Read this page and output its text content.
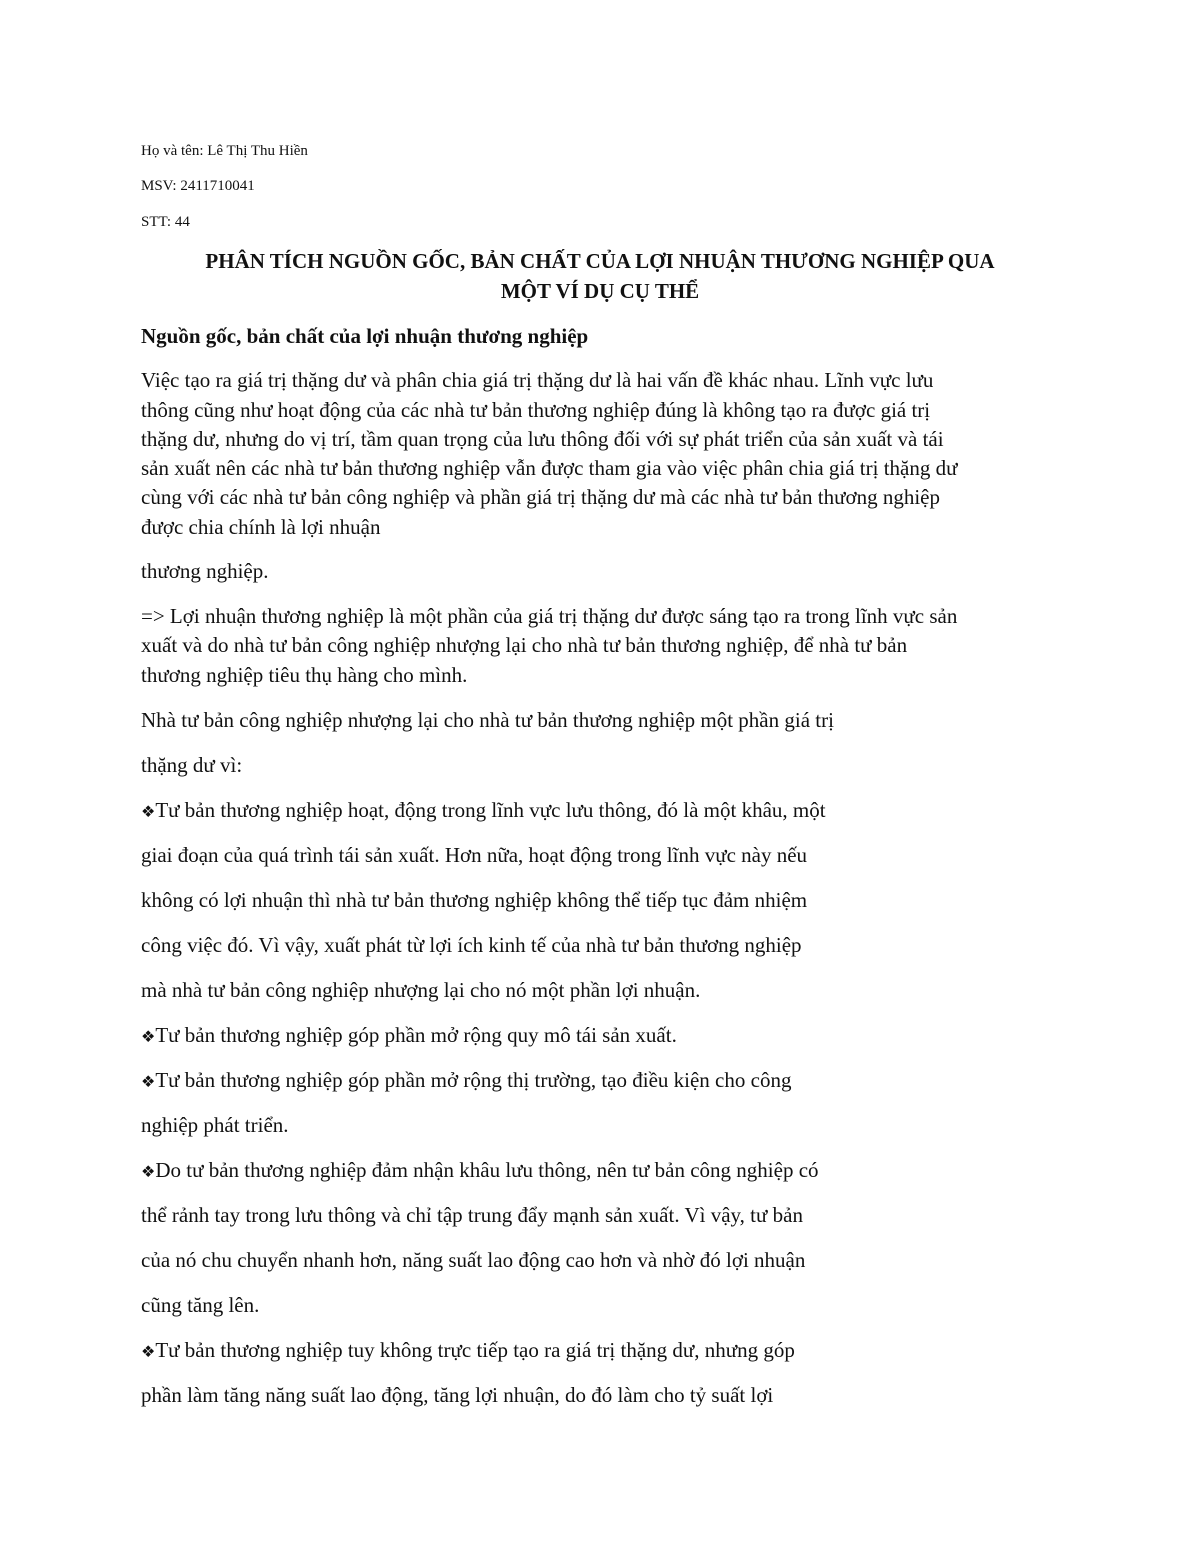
Họ và tên: Lê Thị Thu Hiền
MSV: 2411710041
STT: 44
PHÂN TÍCH NGUỒN GỐC, BẢN CHẤT CỦA LỢI NHUẬN THƯƠNG NGHIỆP QUA
MỘT VÍ DỤ CỤ THỂ
Nguồn gốc, bản chất của lợi nhuận thương nghiệp
Việc tạo ra giá trị thặng dư và phân chia giá trị thặng dư là hai vấn đề khác nhau. Lĩnh vực lưu
thông cũng như hoạt động của các nhà tư bản thương nghiệp đúng là không tạo ra được giá trị
thặng dư, nhưng do vị trí, tầm quan trọng của lưu thông đối với sự phát triển của sản xuất và tái
sản xuất nên các nhà tư bản thương nghiệp vẫn được tham gia vào việc phân chia giá trị thặng dư
cùng với các nhà tư bản công nghiệp và phần giá trị thặng dư mà các nhà tư bản thương nghiệp
được chia chính là lợi nhuận
thương nghiệp.
=> Lợi nhuận thương nghiệp là một phần của giá trị thặng dư được sáng tạo ra trong lĩnh vực sản
xuất và do nhà tư bản công nghiệp nhượng lại cho nhà tư bản thương nghiệp, để nhà tư bản
thương nghiệp tiêu thụ hàng cho mình.
Nhà tư bản công nghiệp nhượng lại cho nhà tư bản thương nghiệp một phần giá trị
thặng dư vì:
❖Tư bản thương nghiệp hoạt, động trong lĩnh vực lưu thông, đó là một khâu, một
giai đoạn của quá trình tái sản xuất. Hơn nữa, hoạt động trong lĩnh vực này nếu
không có lợi nhuận thì nhà tư bản thương nghiệp không thể tiếp tục đảm nhiệm
công việc đó. Vì vậy, xuất phát từ lợi ích kinh tế của nhà tư bản thương nghiệp
mà nhà tư bản công nghiệp nhượng lại cho nó một phần lợi nhuận.
❖Tư bản thương nghiệp góp phần mở rộng quy mô tái sản xuất.
❖Tư bản thương nghiệp góp phần mở rộng thị trường, tạo điều kiện cho công
nghiệp phát triển.
❖Do tư bản thương nghiệp đảm nhận khâu lưu thông, nên tư bản công nghiệp có
thể rảnh tay trong lưu thông và chỉ tập trung đẩy mạnh sản xuất. Vì vậy, tư bản
của nó chu chuyển nhanh hơn, năng suất lao động cao hơn và nhờ đó lợi nhuận
cũng tăng lên.
❖Tư bản thương nghiệp tuy không trực tiếp tạo ra giá trị thặng dư, nhưng góp
phần làm tăng năng suất lao động, tăng lợi nhuận, do đó làm cho tỷ suất lợi
